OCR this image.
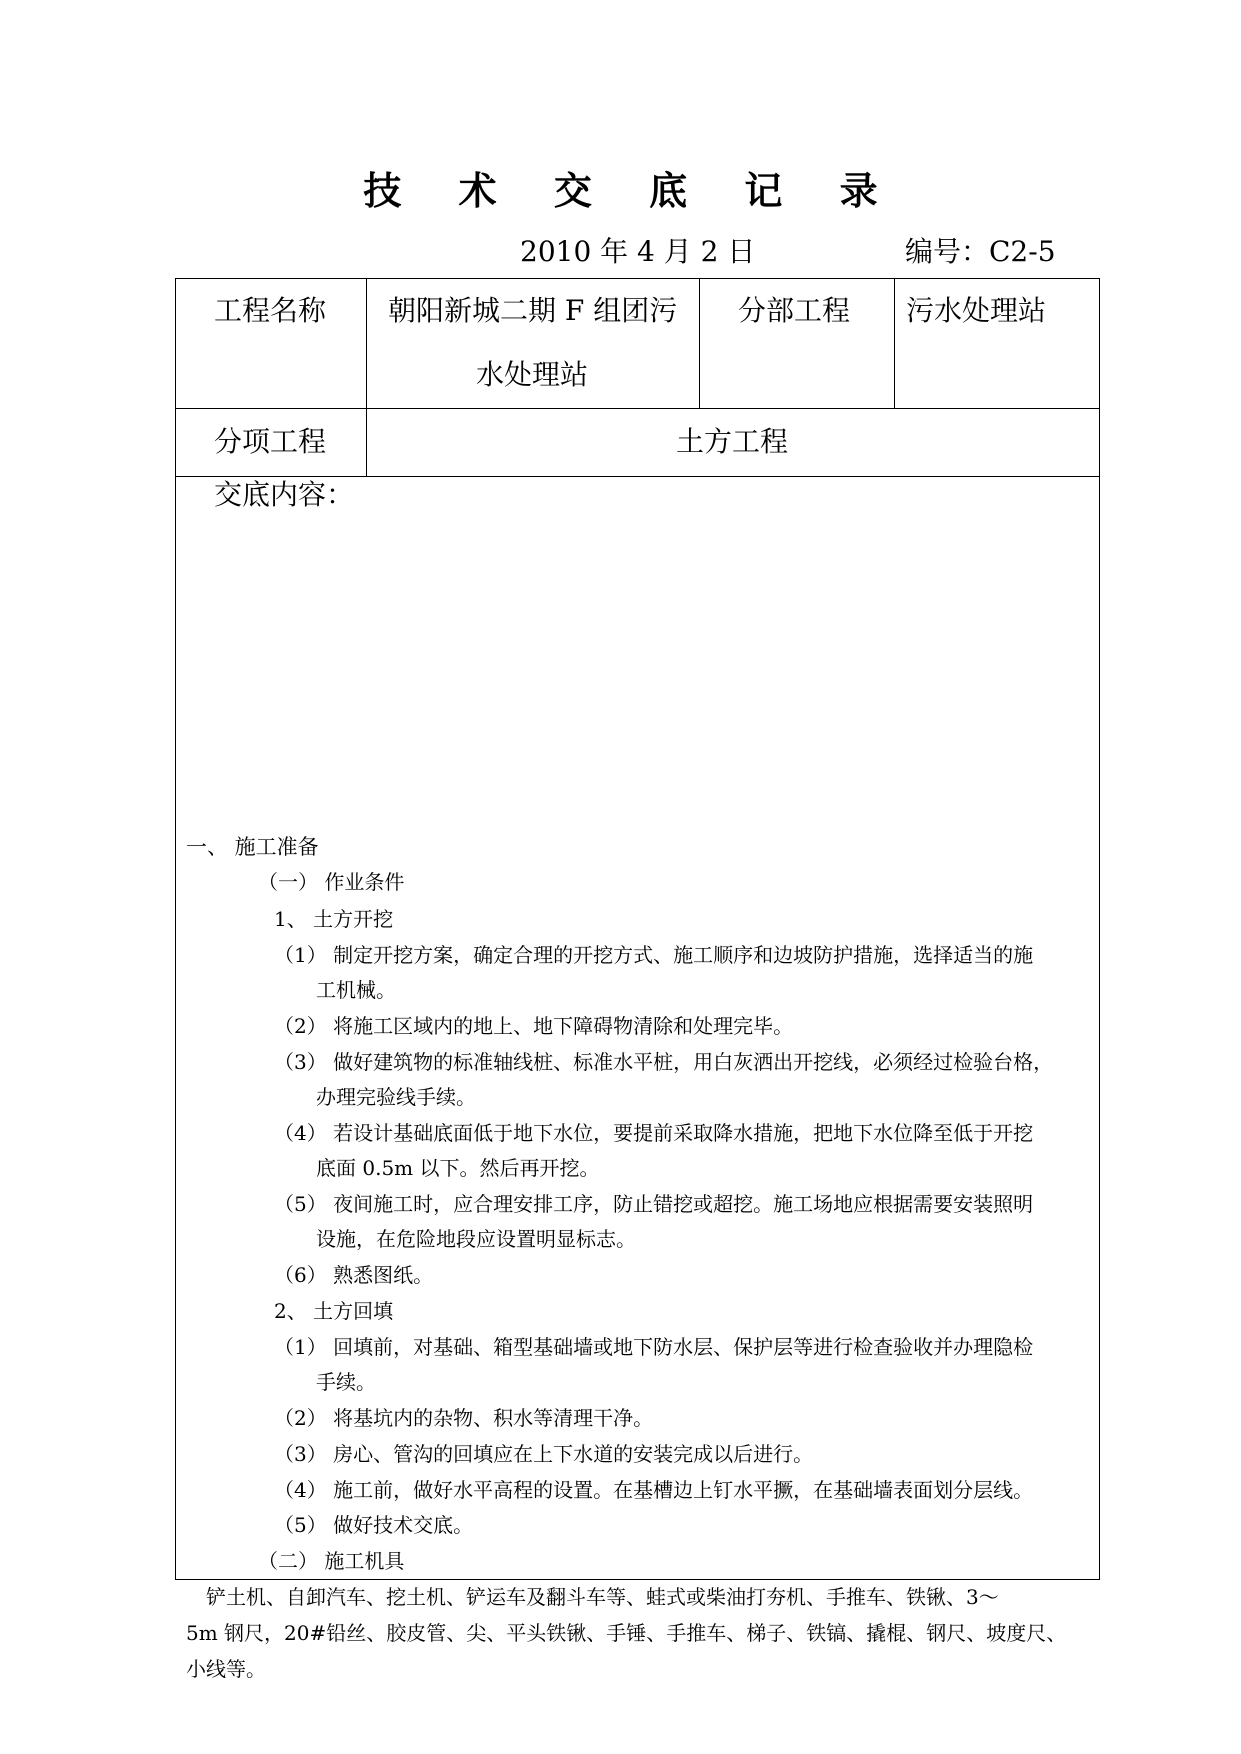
技 术 交 底 记 录
2010 年 4 月 2 日	编号：C2-5
工程名称 朝阳新城二期 F 组团污
水处理站
分部工程 污水处理站
分项工程	土方工程
交底内容：
一、 施工准备
（一） 作业条件
1、 土方开挖
（1） 制定开挖方案，确定合理的开挖方式、施工顺序和边坡防护措施，选择适当的施
工机械。
（2） 将施工区域内的地上、地下障碍物清除和处理完毕。
（3） 做好建筑物的标准轴线桩、标准水平桩，用白灰洒出开挖线，必须经过检验台格，
办理完验线手续。
（4） 若设计基础底面低于地下水位，要提前采取降水措施，把地下水位降至低于开挖
底面 0.5m 以下。然后再开挖。
（5） 夜间施工时，应合理安排工序，防止错挖或超挖。施工场地应根据需要安装照明
设施，在危险地段应设置明显标志。
（6） 熟悉图纸。
2、 土方回填
（1） 回填前，对基础、箱型基础墙或地下防水层、保护层等进行检查验收并办理隐检
手续。
（2） 将基坑内的杂物、积水等清理干净。
（3） 房心、管沟的回填应在上下水道的安装完成以后进行。
（4） 施工前，做好水平高程的设置。在基槽边上钉水平撅，在基础墙表面划分层线。
（5） 做好技术交底。
（二） 施工机具
铲土机、自卸汽车、挖土机、铲运车及翻斗车等、蛙式或柴油打夯机、手推车、铁锹、3～
5m 钢尺，20#铅丝、胶皮管、尖、平头铁锹、手锤、手推车、梯子、铁镐、撬棍、钢尺、坡度尺、
小线等。
